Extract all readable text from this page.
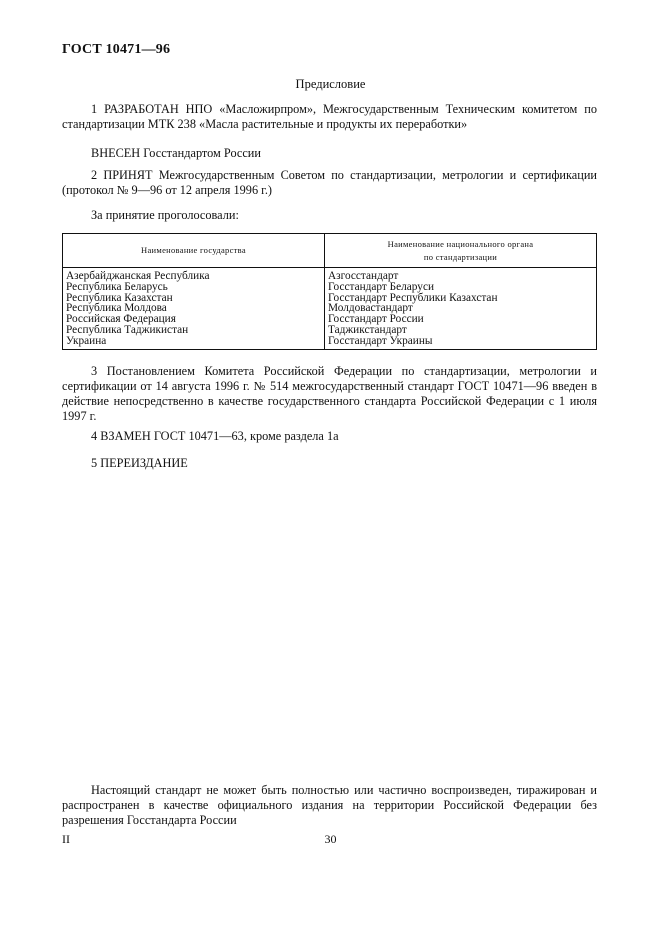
ГОСТ 10471—96
Предисловие
1 РАЗРАБОТАН НПО «Масложирпром», Межгосударственным Техническим комитетом по стандартизации МТК 238 «Масла растительные и продукты их переработки»
ВНЕСЕН Госстандартом России
2 ПРИНЯТ Межгосударственным Советом по стандартизации, метрологии и сертификации (протокол № 9—96 от 12 апреля 1996 г.)
За принятие проголосовали:
Наименование государства	Наименование национального органа
по стандартизации
Азербайджанская Республика	Азгосстандарт
Республика Беларусь	Госстандарт Беларуси
Республика Казахстан	Госстандарт Республики Казахстан
Республика Молдова	Молдовастандарт
Российская Федерация	Госстандарт России
Республика Таджикистан	Таджикстандарт
Украина	Госстандарт Украины
3 Постановлением Комитета Российской Федерации по стандартизации, метрологии и сертификации от 14 августа 1996 г. № 514 межгосударственный стандарт ГОСТ 10471—96 введен в действие непосредственно в качестве государственного стандарта Российской Федерации с 1 июля 1997 г.
4 ВЗАМЕН ГОСТ 10471—63, кроме раздела 1а
5 ПЕРЕИЗДАНИЕ
Настоящий стандарт не может быть полностью или частично воспроизведен, тиражирован и распространен в качестве официального издания на территории Российской Федерации без разрешения Госстандарта России
II	30
